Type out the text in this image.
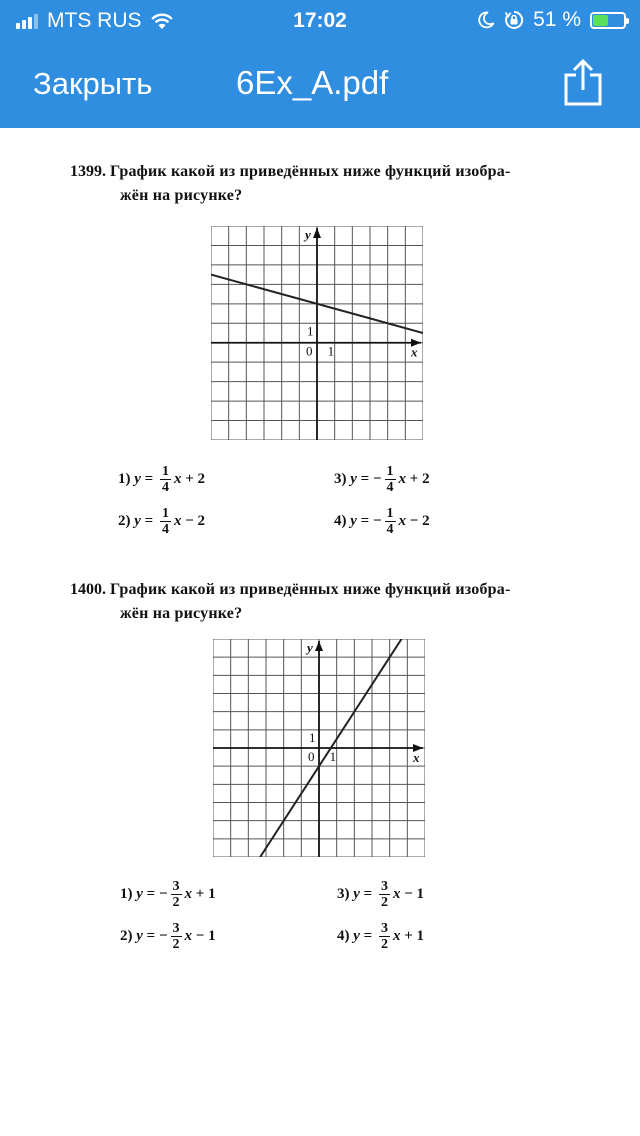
MTS RUS	17:02	51 %
Закрыть	6Ex_A.pdf
1399. График какой из приведённых ниже функций изобра-
жён на рисунке?
y
x
0 1
1
1) $y = \frac{1}{4}$ x + 2	3) y = − $\frac{1}{4}$ x + 2
2) $y = \frac{1}{4}$ x − 2	4) y = − $\frac{1}{4}$ x − 2
1400. График какой из приведённых ниже функций изобра-
жён на рисунке?
y
x
0 1
1
1) y = − $\frac{3}{2}$ x + 1	3) $y = \frac{3}{2}$ x − 1
2) y = − $\frac{3}{2}$ x − 1	4) $y = \frac{3}{2}$ x + 1
